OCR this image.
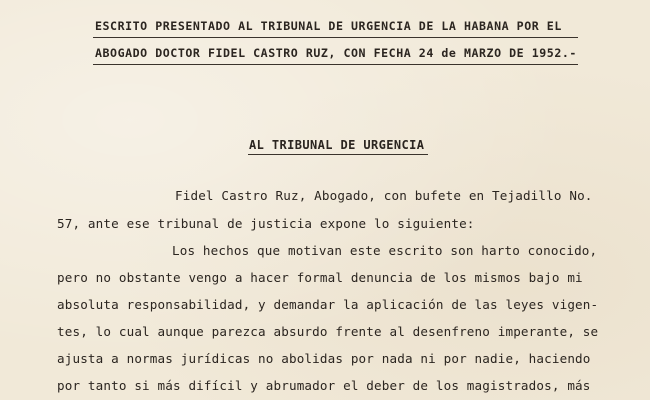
ESCRITO PRESENTADO AL TRIBUNAL DE URGENCIA DE LA HABANA POR EL
ABOGADO DOCTOR FIDEL CASTRO RUZ, CON FECHA 24 de MARZO DE 1952.-
AL TRIBUNAL DE URGENCIA
Fidel Castro Ruz, Abogado, con bufete en Tejadillo No.
57, ante ese tribunal de justicia expone lo siguiente:
Los hechos que motivan este escrito son harto conocido,
pero no obstante vengo a hacer formal denuncia de los mismos bajo mi
absoluta responsabilidad, y demandar la aplicación de las leyes vigen-
tes, lo cual aunque parezca absurdo frente al desenfreno imperante, se
ajusta a normas jurídicas no abolidas por nada ni por nadie, haciendo
por tanto si más difícil y abrumador el deber de los magistrados, más
